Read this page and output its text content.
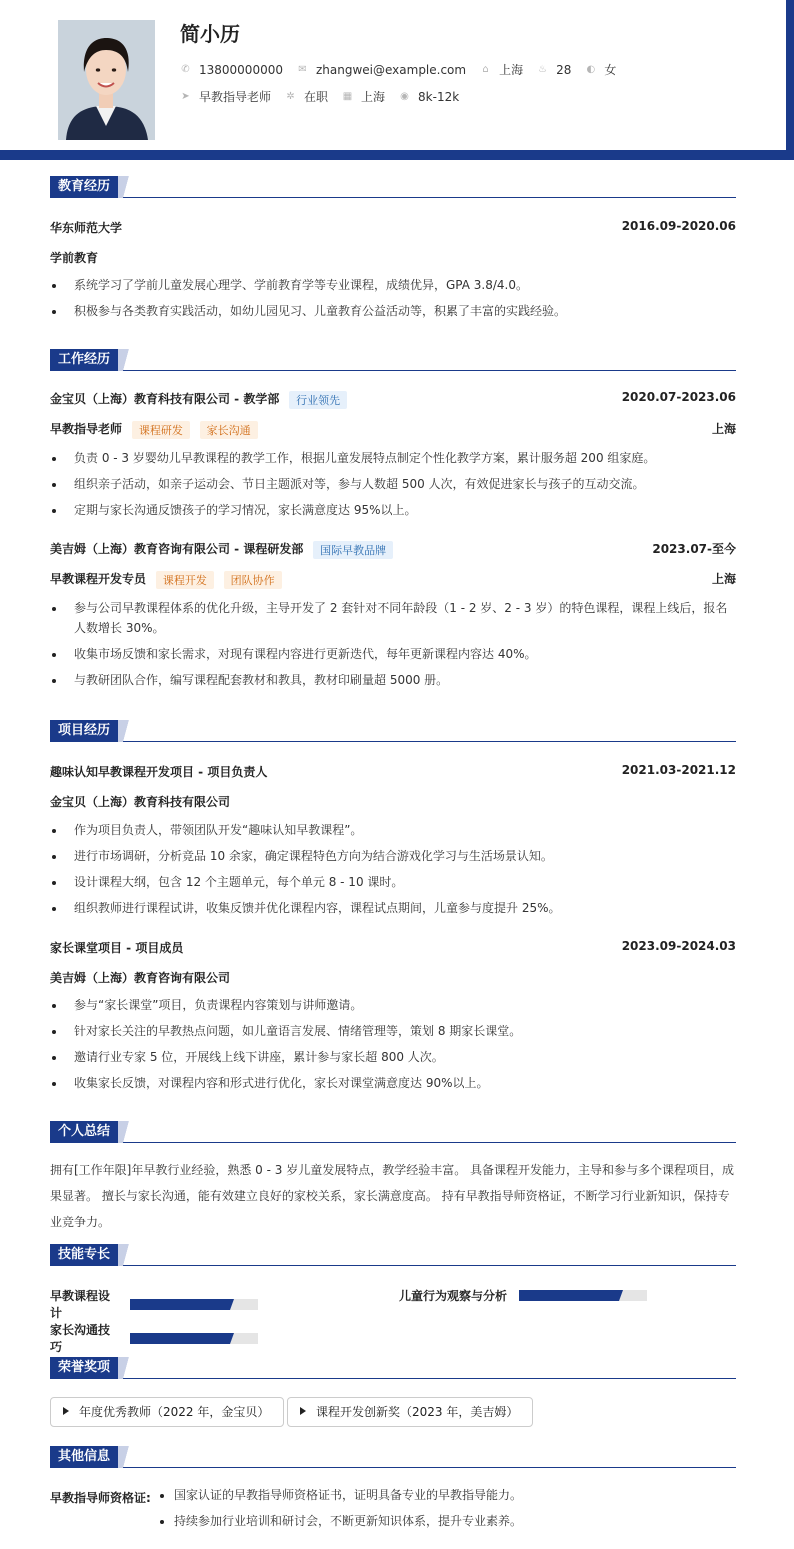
简小历
✆ 13800000000 ✉ zhangwei@example.com ⌂ 上海 ♨ 28 ◐ 女
➤ 早教指导老师 ✲ 在职 ▦ 上海 ◉ 8k-12k
教育经历
华东师范大学	2016.09-2020.06
学前教育
系统学习了学前儿童发展心理学、学前教育学等专业课程，成绩优异，GPA 3.8/4.0。
积极参与各类教育实践活动，如幼儿园见习、儿童教育公益活动等，积累了丰富的实践经验。
工作经历
金宝贝（上海）教育科技有限公司 - 教学部 行业领先	2020.07-2023.06
早教指导老师 课程研发 家长沟通	上海
负责 0 - 3 岁婴幼儿早教课程的教学工作，根据儿童发展特点制定个性化教学方案，累计服务超 200 组家庭。
组织亲子活动，如亲子运动会、节日主题派对等，参与人数超 500 人次，有效促进家长与孩子的互动交流。
定期与家长沟通反馈孩子的学习情况，家长满意度达 95%以上。
美吉姆（上海）教育咨询有限公司 - 课程研发部 国际早教品牌	2023.07-至今
早教课程开发专员 课程开发 团队协作	上海
参与公司早教课程体系的优化升级，主导开发了 2 套针对不同年龄段（1 - 2 岁、2 - 3 岁）的特色课程，课程上线后，报名人数增长 30%。
收集市场反馈和家长需求，对现有课程内容进行更新迭代，每年更新课程内容达 40%。
与教研团队合作，编写课程配套教材和教具，教材印刷量超 5000 册。
项目经历
趣味认知早教课程开发项目 - 项目负责人	2021.03-2021.12
金宝贝（上海）教育科技有限公司
作为项目负责人，带领团队开发“趣味认知早教课程”。
进行市场调研，分析竞品 10 余家，确定课程特色方向为结合游戏化学习与生活场景认知。
设计课程大纲，包含 12 个主题单元，每个单元 8 - 10 课时。
组织教师进行课程试讲，收集反馈并优化课程内容，课程试点期间，儿童参与度提升 25%。
家长课堂项目 - 项目成员	2023.09-2024.03
美吉姆（上海）教育咨询有限公司
参与“家长课堂”项目，负责课程内容策划与讲师邀请。
针对家长关注的早教热点问题，如儿童语言发展、情绪管理等，策划 8 期家长课堂。
邀请行业专家 5 位，开展线上线下讲座，累计参与家长超 800 人次。
收集家长反馈，对课程内容和形式进行优化，家长对课堂满意度达 90%以上。
个人总结
拥有[工作年限]年早教行业经验，熟悉 0 - 3 岁儿童发展特点，教学经验丰富。 具备课程开发能力，主导和参与多个课程项目，成果显著。 擅长与家长沟通，能有效建立良好的家校关系，家长满意度高。 持有早教指导师资格证，不断学习行业新知识，保持专业竞争力。
技能专长
早教课程设计
儿童行为观察与分析
家长沟通技巧
荣誉奖项
年度优秀教师（2022 年，金宝贝）	课程开发创新奖（2023 年，美吉姆）
其他信息
早教指导师资格证:	国家认证的早教指导师资格证书，证明具备专业的早教指导能力。
持续参加行业培训和研讨会，不断更新知识体系，提升专业素养。
